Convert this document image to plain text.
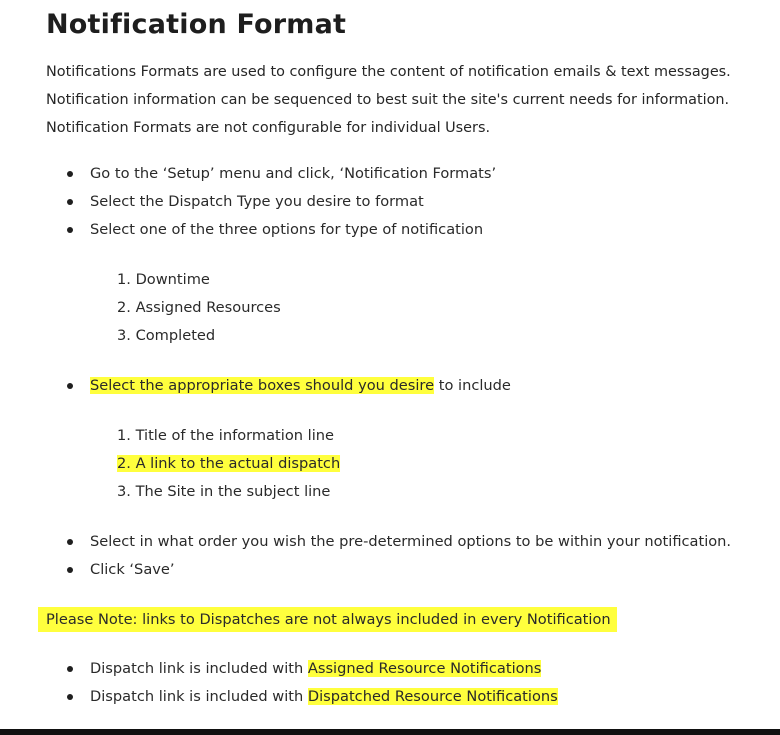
Notification Format

Notifications Formats are used to configure the content of notification emails & text messages. Notification information can be sequenced to best suit the site's current needs for information. Notification Formats are not configurable for individual Users.

Go to the ‘Setup’ menu and click, ‘Notification Formats’
Select the Dispatch Type you desire to format
Select one of the three options for type of notification
1. Downtime
2. Assigned Resources
3. Completed
Select the appropriate boxes should you desire to include
1. Title of the information line
2. A link to the actual dispatch
3. The Site in the subject line
Select in what order you wish the pre-determined options to be within your notification.
Click ‘Save’
Please Note: links to Dispatches are not always included in every Notification
Dispatch link is included with Assigned Resource Notifications
Dispatch link is included with Dispatched Resource Notifications
